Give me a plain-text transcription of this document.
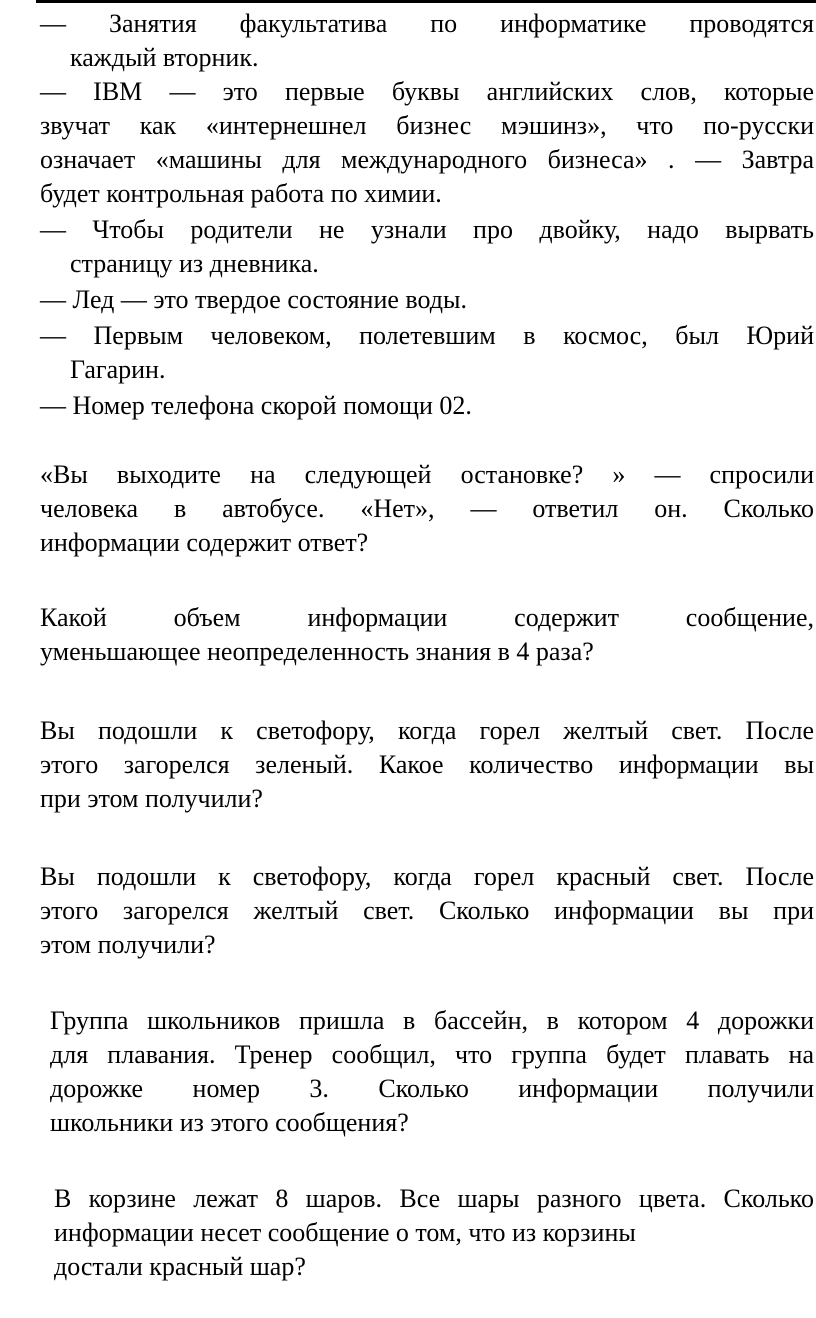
— Занятия факультатива по информатике проводятся
каждый вторник.
— IBM — это первые буквы английских слов, которые
звучат как «интернешнел бизнес мэшинз», что по-русски
означает «машины для международного бизнеса» . — Завтра
будет контрольная работа по химии.
— Чтобы родители не узнали про двойку, надо вырвать
страницу из дневника.
— Лед — это твердое состояние воды.
— Первым человеком, полетевшим в космос, был Юрий
Гагарин.
— Номер телефона скорой помощи 02.
«Вы выходите на следующей остановке? » — спросили
человека в автобусе. «Нет», — ответил он. Сколько
информации содержит ответ?
Какой объем информации содержит сообщение,
уменьшающее неопределенность знания в 4 раза?
Вы подошли к светофору, когда горел желтый свет. После
этого загорелся зеленый. Какое количество информации вы
при этом получили?
Вы подошли к светофору, когда горел красный свет. После
этого загорелся желтый свет. Сколько информации вы при
этом получили?
Группа школьников пришла в бассейн, в котором 4 дорожки
для плавания. Тренер сообщил, что группа будет плавать на
дорожке номер 3. Сколько информации получили
школьники из этого сообщения?
В корзине лежат 8 шаров. Все шары разного цвета. Сколько
информации несет сообщение о том, что из корзины
достали красный шар?
